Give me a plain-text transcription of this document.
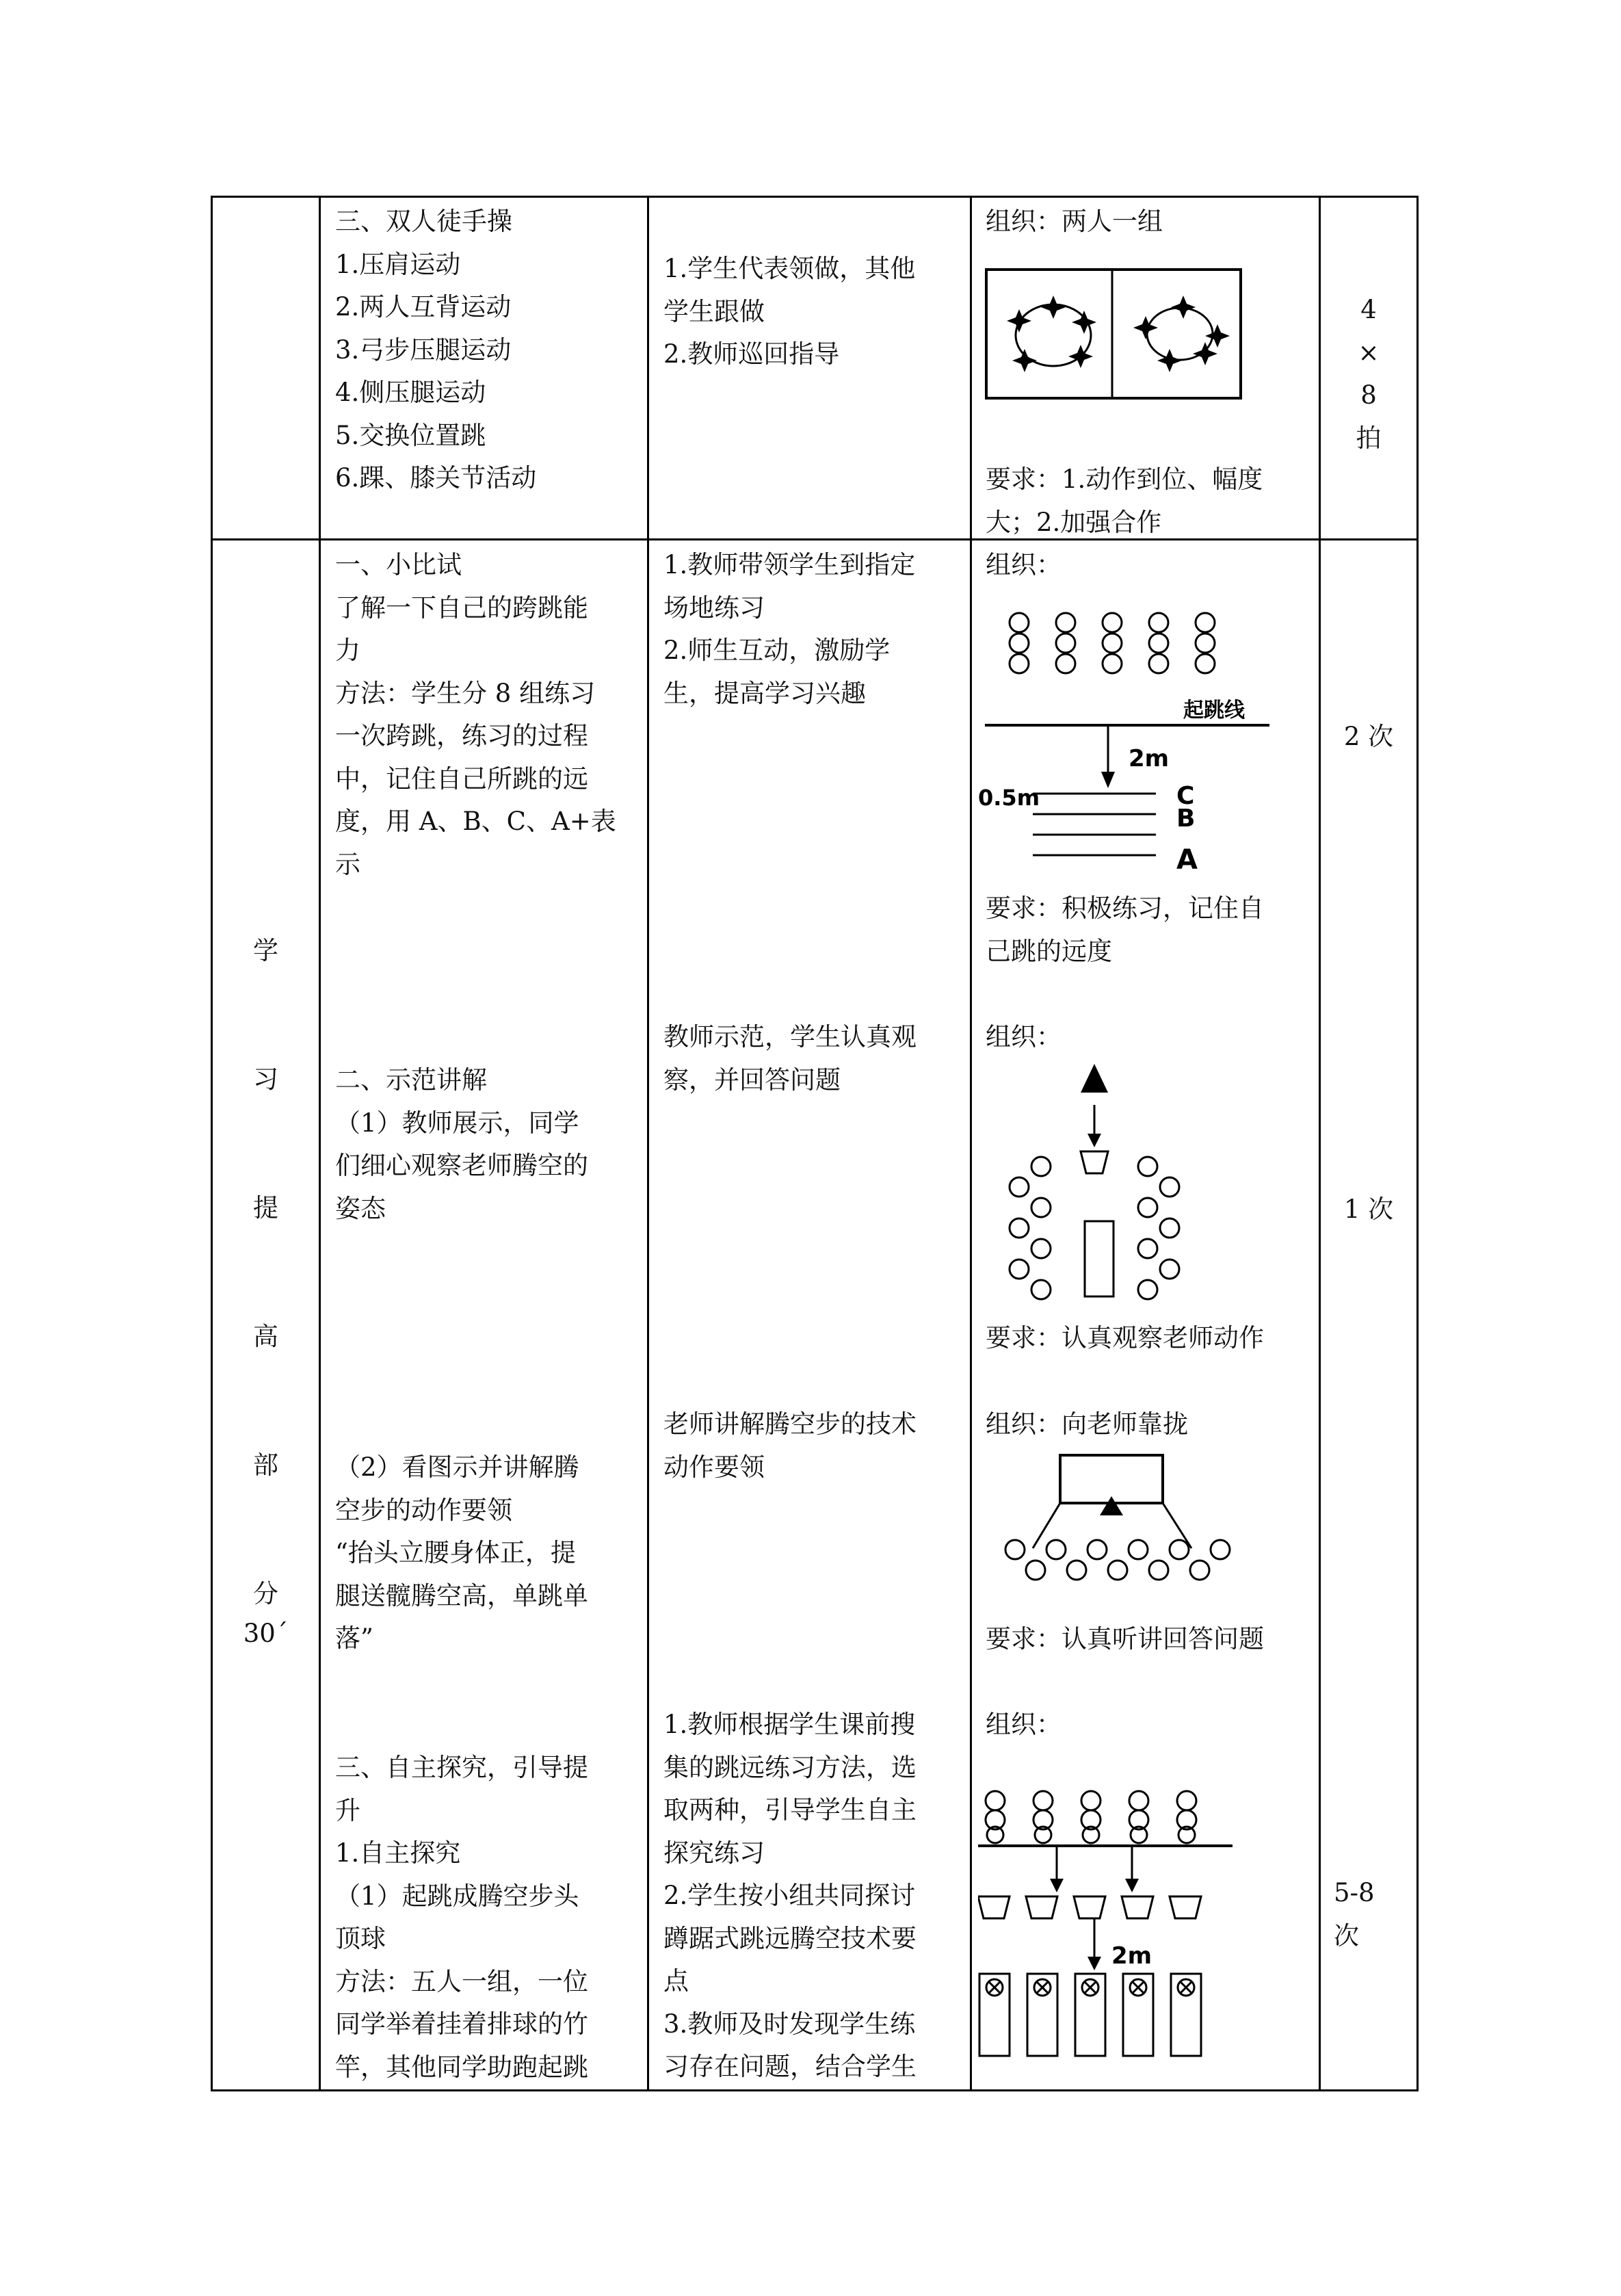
三、双人徒手操
1.压肩运动
2.两人互背运动
3.弓步压腿运动
4.侧压腿运动
5.交换位置跳
6.踝、膝关节活动
1.学生代表领做，其他
学生跟做
2.教师巡回指导
组织：两人一组
要求：1.动作到位、幅度
大；2.加强合作
4
×
8
拍
学
习
提
高
部
分
30´
一、小比试
了解一下自己的跨跳能
力
方法：学生分 8 组练习
一次跨跳，练习的过程
中，记住自己所跳的远
度，用 A、B、C、A+表
示
1.教师带领学生到指定
场地练习
2.师生互动，激励学
生，提高学习兴趣
组织：
起跳线
2m
0.5m	C
B
A
要求：积极练习，记住自
己跳的远度
2 次
二、示范讲解
（1）教师展示，同学
们细心观察老师腾空的
姿态
教师示范，学生认真观
察，并回答问题
组织：
要求：认真观察老师动作
1 次
（2）看图示并讲解腾
空步的动作要领
“抬头立腰身体正，提
腿送髋腾空高，单跳单
落”
老师讲解腾空步的技术
动作要领
组织：向老师靠拢
要求：认真听讲回答问题
三、自主探究，引导提
升
1.自主探究
（1）起跳成腾空步头
顶球
方法：五人一组，一位
同学举着挂着排球的竹
竿，其他同学助跑起跳
1.教师根据学生课前搜
集的跳远练习方法，选
取两种，引导学生自主
探究练习
2.学生按小组共同探讨
蹲踞式跳远腾空技术要
点
3.教师及时发现学生练
习存在问题，结合学生
组织：
2m
5-8
次
